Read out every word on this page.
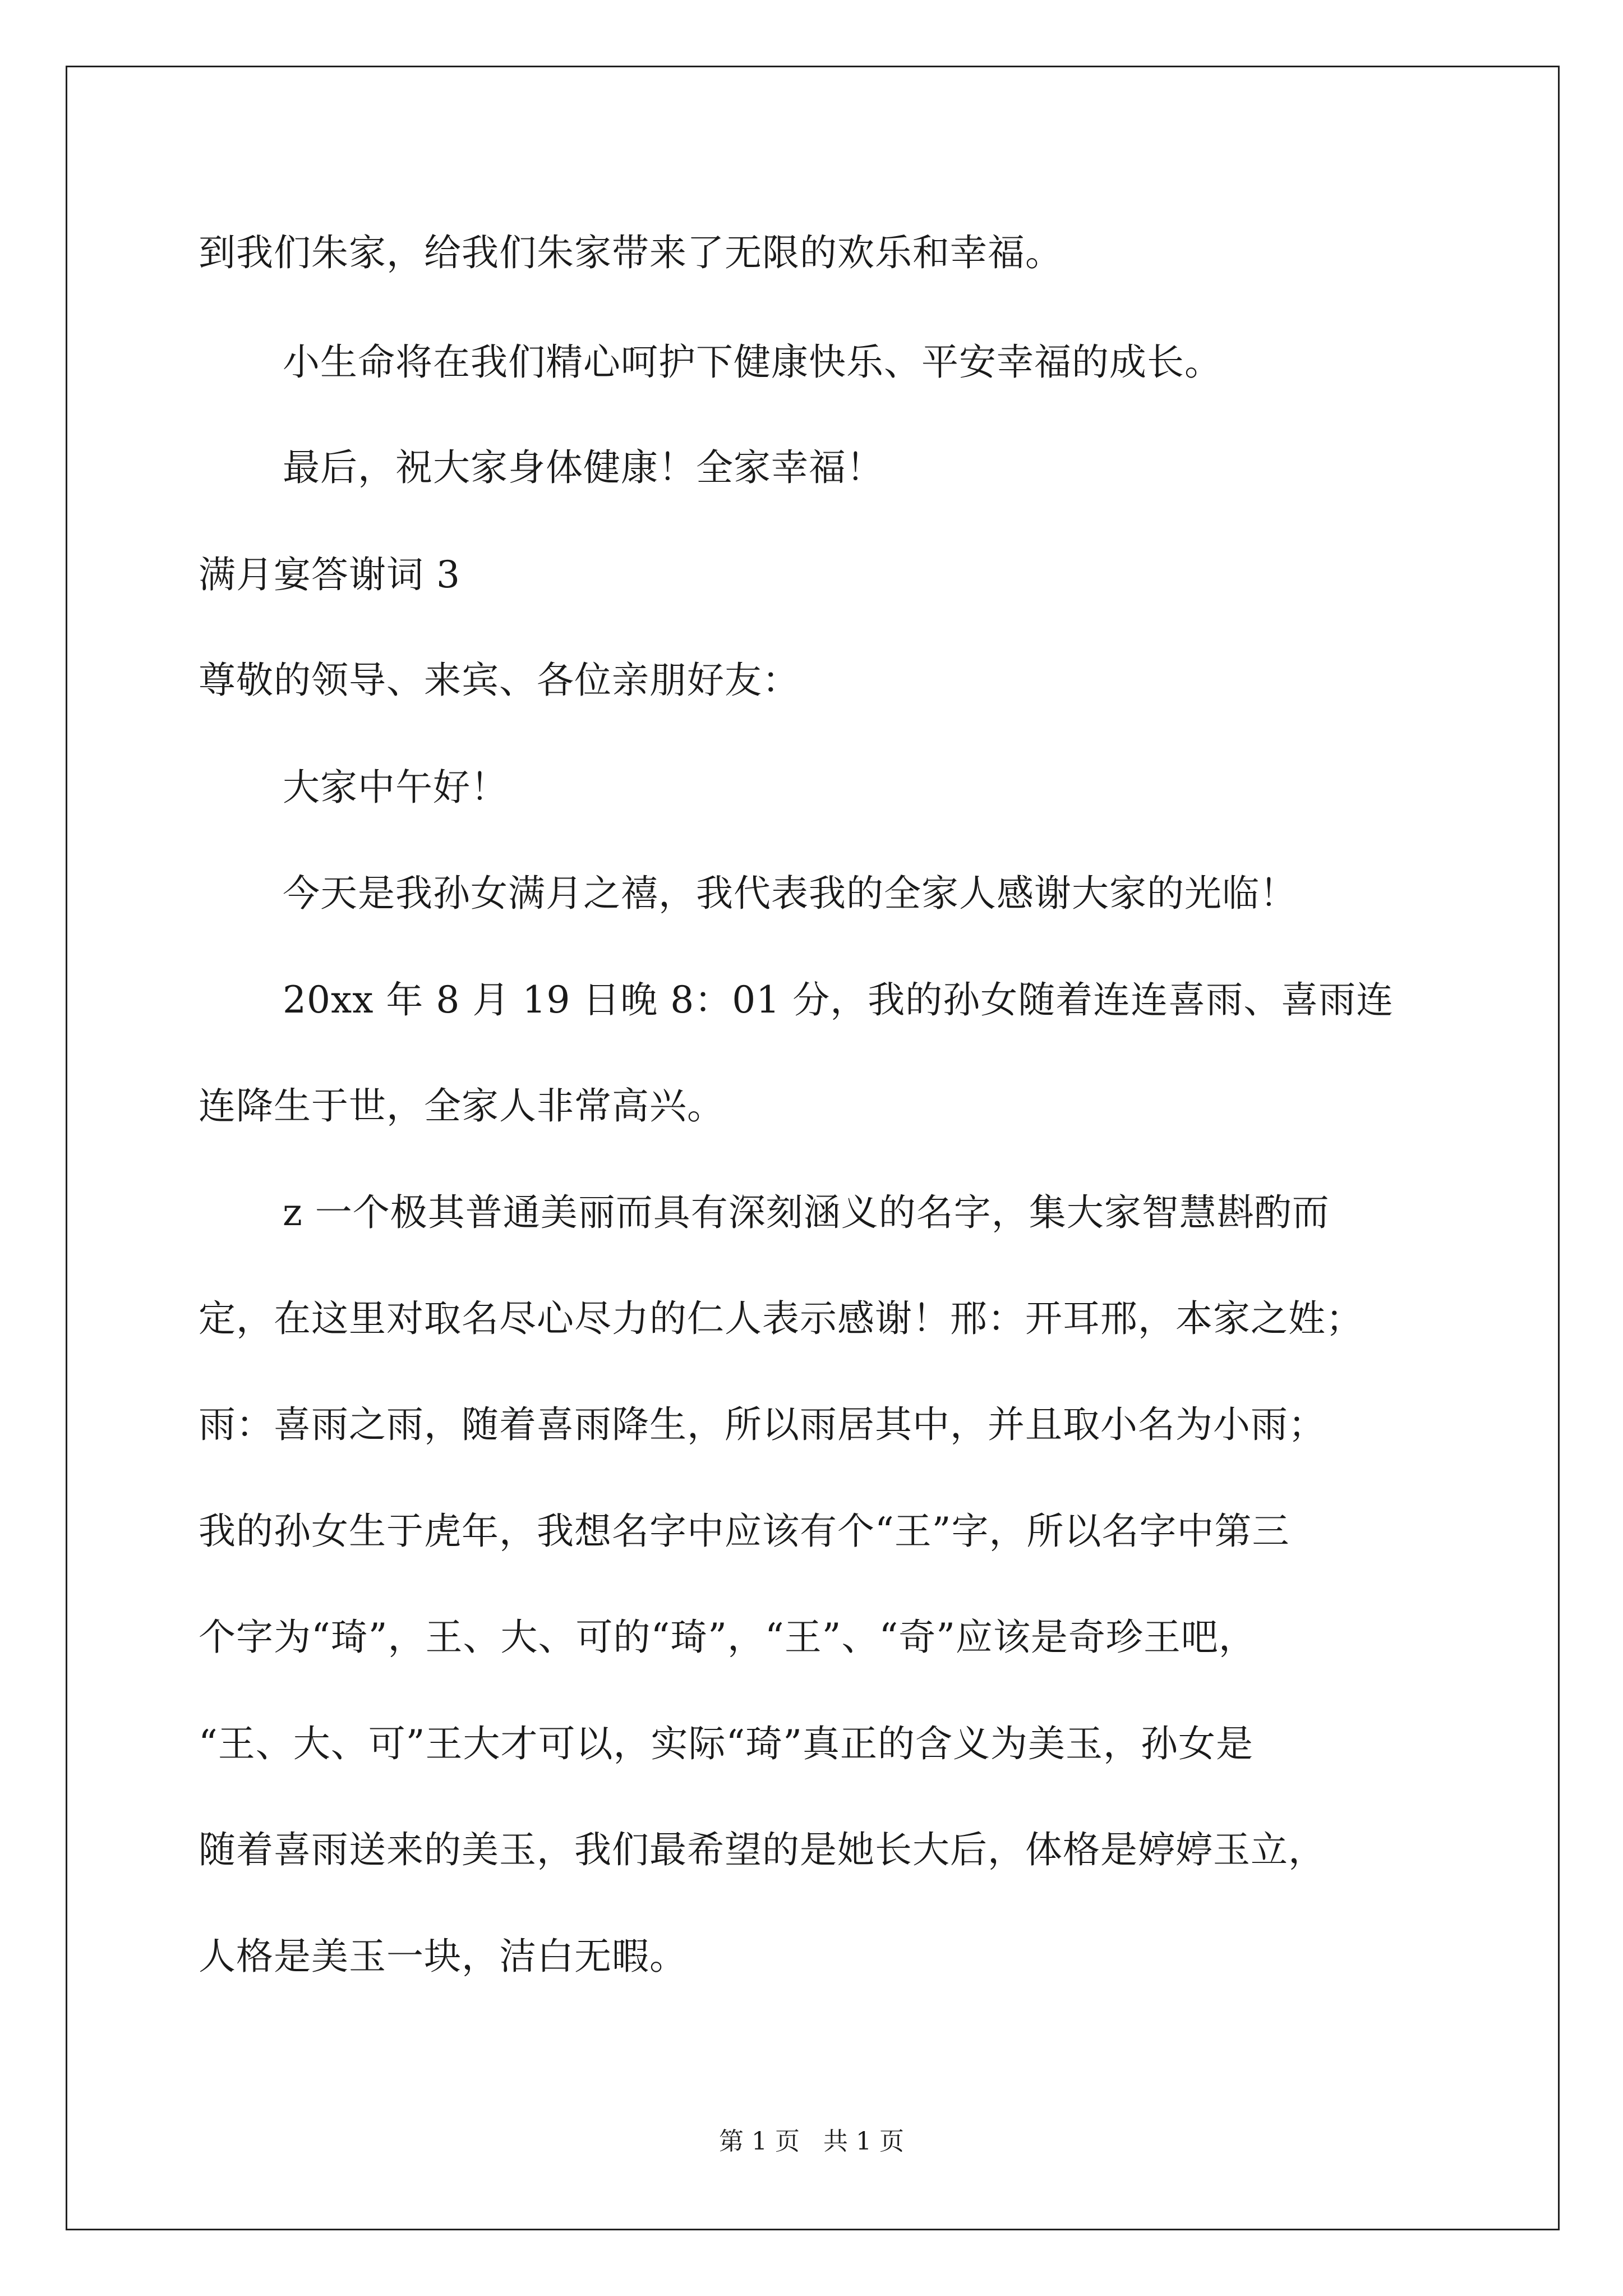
到我们朱家，给我们朱家带来了无限的欢乐和幸福。
小生命将在我们精心呵护下健康快乐、平安幸福的成长。
最后，祝大家身体健康！全家幸福！
满月宴答谢词 3
尊敬的领导、来宾、各位亲朋好友：
大家中午好！
今天是我孙女满月之禧，我代表我的全家人感谢大家的光临！
20xx 年 8 月 19 日晚 8：01 分，我的孙女随着连连喜雨、喜雨连
连降生于世，全家人非常高兴。
z 一个极其普通美丽而具有深刻涵义的名字，集大家智慧斟酌而
定，在这里对取名尽心尽力的仁人表示感谢！邢：开耳邢，本家之姓；
雨：喜雨之雨，随着喜雨降生，所以雨居其中，并且取小名为小雨；
我的孙女生于虎年，我想名字中应该有个“王”字，所以名字中第三
个字为“琦”，王、大、可的“琦”，“王”、“奇”应该是奇珍王吧，
“王、大、可”王大才可以，实际“琦”真正的含义为美玉，孙女是
随着喜雨送来的美玉，我们最希望的是她长大后，体格是婷婷玉立，
人格是美玉一块，洁白无暇。
第 1 页   共 1 页
